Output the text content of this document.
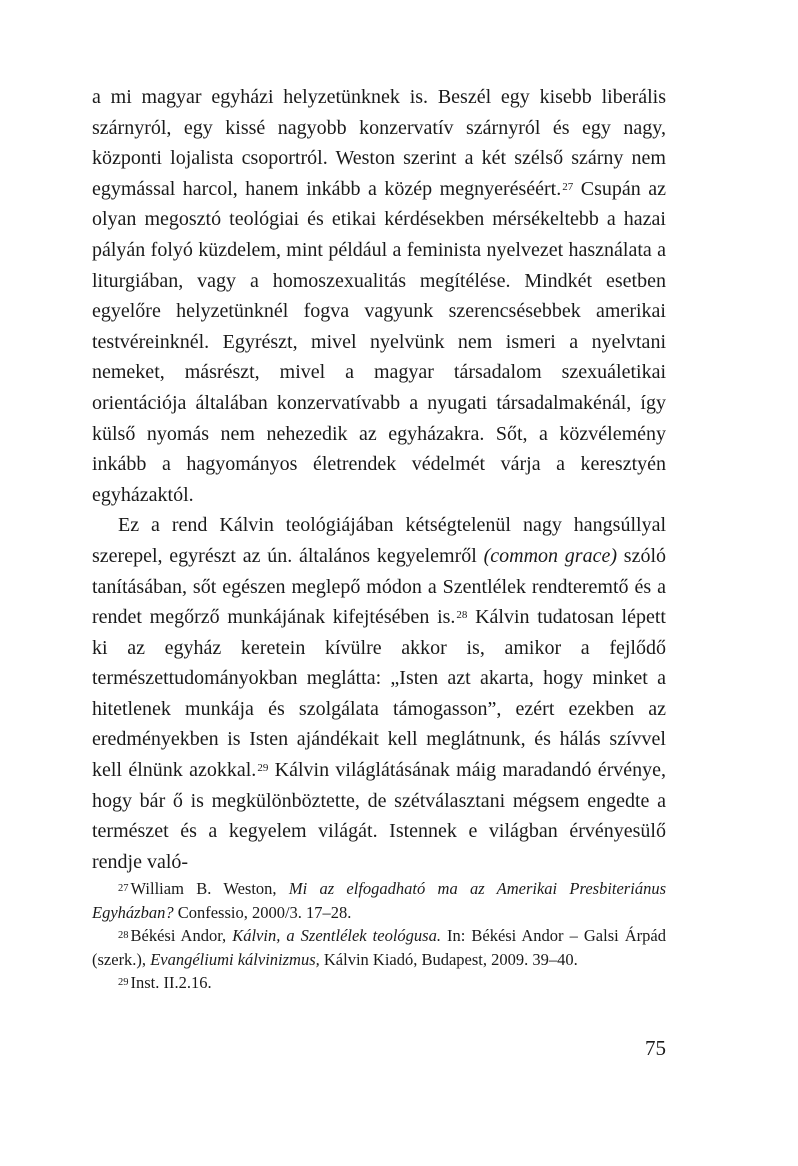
a mi magyar egyházi helyzetünknek is. Beszél egy kisebb liberális szárnyról, egy kissé nagyobb konzervatív szárnyról és egy nagy, központi lojalista csoportról. Weston szerint a két szélső szárny nem egymással harcol, hanem inkább a közép megnyeréséért.$^{27}$ Csupán az olyan megosztó teológiai és etikai kérdésekben mérsékeltebb a hazai pályán folyó küzdelem, mint például a feminista nyelvezet használata a liturgiában, vagy a homoszexualitás megítélése. Mindkét esetben egyelőre helyzetünknél fogva vagyunk szerencsésebbek amerikai testvéreinknél. Egyrészt, mivel nyelvünk nem ismeri a nyelvtani nemeket, másrészt, mivel a magyar társadalom szexuáletikai orientációja általában konzervatívabb a nyugati társadalmakénál, így külső nyomás nem nehezedik az egyházakra. Sőt, a közvélemény inkább a hagyományos életrendek védelmét várja a keresztyén egyházaktól.

Ez a rend Kálvin teológiájában kétségtelenül nagy hangsúllyal szerepel, egyrészt az ún. általános kegyelemről (common grace) szóló tanításában, sőt egészen meglepő módon a Szentlélek rendteremtő és a rendet megőrző munkájának kifejtésében is.$^{28}$ Kálvin tudatosan lépett ki az egyház keretein kívülre akkor is, amikor a fejlődő természettudományokban meglátta: „Isten azt akarta, hogy minket a hitetlenek munkája és szolgálata támogasson”, ezért ezekben az eredményekben is Isten ajándékait kell meglátnunk, és hálás szívvel kell élnünk azokkal.$^{29}$ Kálvin világlátásának máig maradandó érvénye, hogy bár ő is megkülönböztette, de szétválasztani mégsem engedte a természet és a kegyelem világát. Istennek e világban érvényesülő rendje való-

$^{27}$ William B. Weston, Mi az elfogadható ma az Amerikai Presbiteriánus Egyházban? Confessio, 2000/3. 17–28.

$^{28}$ Békési Andor, Kálvin, a Szentlélek teológusa. In: Békési Andor – Galsi Árpád (szerk.), Evangéliumi kálvinizmus, Kálvin Kiadó, Budapest, 2009. 39–40.

$^{29}$ Inst. II.2.16.

75
